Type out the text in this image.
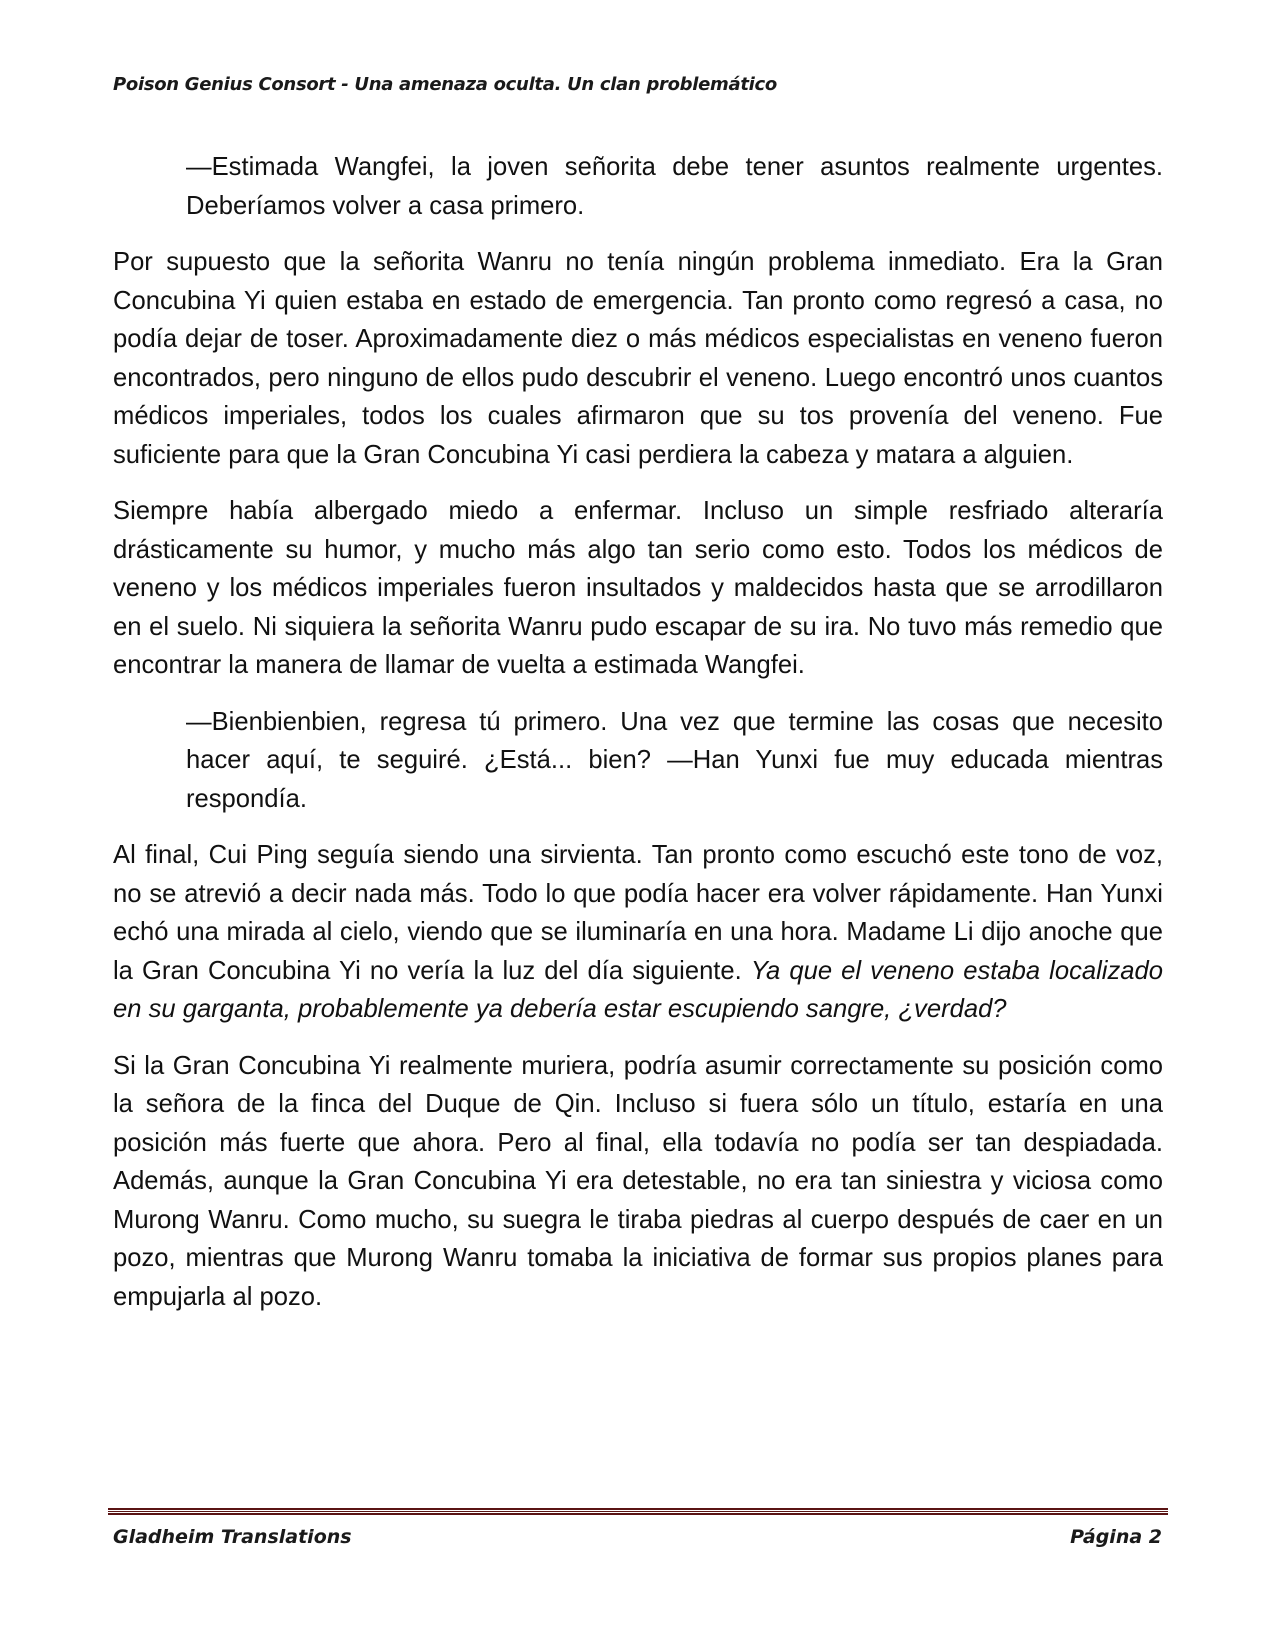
Poison Genius Consort - Una amenaza oculta. Un clan problemático

—Estimada Wangfei, la joven señorita debe tener asuntos realmente urgentes. Deberíamos volver a casa primero.

Por supuesto que la señorita Wanru no tenía ningún problema inmediato. Era la Gran Concubina Yi quien estaba en estado de emergencia. Tan pronto como regresó a casa, no podía dejar de toser. Aproximadamente diez o más médicos especialistas en veneno fueron encontrados, pero ninguno de ellos pudo descubrir el veneno. Luego encontró unos cuantos médicos imperiales, todos los cuales afirmaron que su tos provenía del veneno. Fue suficiente para que la Gran Concubina Yi casi perdiera la cabeza y matara a alguien.

Siempre había albergado miedo a enfermar. Incluso un simple resfriado alteraría drásticamente su humor, y mucho más algo tan serio como esto. Todos los médicos de veneno y los médicos imperiales fueron insultados y maldecidos hasta que se arrodillaron en el suelo. Ni siquiera la señorita Wanru pudo escapar de su ira. No tuvo más remedio que encontrar la manera de llamar de vuelta a estimada Wangfei.

—Bienbienbien, regresa tú primero. Una vez que termine las cosas que necesito hacer aquí, te seguiré. ¿Está... bien? —Han Yunxi fue muy educada mientras respondía.

Al final, Cui Ping seguía siendo una sirvienta. Tan pronto como escuchó este tono de voz, no se atrevió a decir nada más. Todo lo que podía hacer era volver rápidamente. Han Yunxi echó una mirada al cielo, viendo que se iluminaría en una hora. Madame Li dijo anoche que la Gran Concubina Yi no vería la luz del día siguiente. Ya que el veneno estaba localizado en su garganta, probablemente ya debería estar escupiendo sangre, ¿verdad?

Si la Gran Concubina Yi realmente muriera, podría asumir correctamente su posición como la señora de la finca del Duque de Qin. Incluso si fuera sólo un título, estaría en una posición más fuerte que ahora. Pero al final, ella todavía no podía ser tan despiadada. Además, aunque la Gran Concubina Yi era detestable, no era tan siniestra y viciosa como Murong Wanru. Como mucho, su suegra le tiraba piedras al cuerpo después de caer en un pozo, mientras que Murong Wanru tomaba la iniciativa de formar sus propios planes para empujarla al pozo.

Gladheim Translations	Página 2
